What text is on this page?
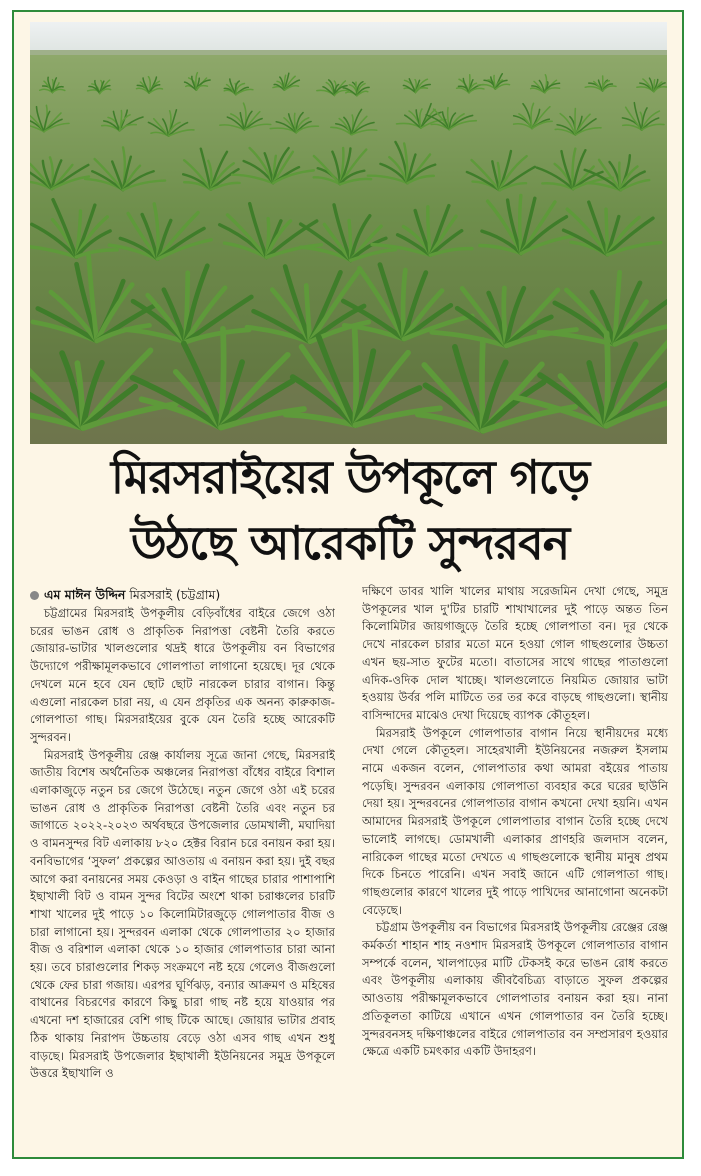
মিরসরাইয়ের উপকূলে গড়ে
উঠছে আরেকটি সুন্দরবন
এম মাঈন উদ্দিন মিরসরাই (চট্টগ্রাম)

চট্টগ্রামের মিরসরাই উপকূলীয় বেড়িবাঁধের বাইরে জেগে ওঠা চরের ভাঙন রোধ ও প্রাকৃতিক নিরাপত্তা বেষ্টনী তৈরি করতে জোয়ার-ভাটার খালগুলোর থদ্রই ধারে উপকূলীয় বন বিভাগের উদ্যোগে পরীক্ষামূলকভাবে গোলপাতা লাগানো হয়েছে। দূর থেকে দেখলে মনে হবে যেন ছোট ছোট নারকেল চারার বাগান। কিন্তু এগুলো নারকেল চারা নয়, এ যেন প্রকৃতির এক অনন্য কারুকাজ- গোলপাতা গাছ। মিরসরাইয়ের বুকে যেন তৈরি হচ্ছে আরেকটি সুন্দরবন।

মিরসরাই উপকূলীয় রেঞ্জ কার্যালয় সূত্রে জানা গেছে, মিরসরাই জাতীয় বিশেষ অর্থনৈতিক অঞ্চলের নিরাপত্তা বাঁধের বাইরে বিশাল এলাকাজুড়ে নতুন চর জেগে উঠেছে। নতুন জেগে ওঠা এই চরের ভাঙন রোধ ও প্রাকৃতিক নিরাপত্তা বেষ্টনী তৈরি এবং নতুন চর জাগাতে ২০২২-২০২৩ অর্থবছরে উপজেলার ডোমখালী, মঘাদিয়া ও বামনসুন্দর বিট এলাকায় ৮২০ হেক্টর বিরান চরে বনায়ন করা হয়। বনবিভাগের ‘সুফল’ প্রকল্পের আওতায় এ বনায়ন করা হয়। দুই বছর আগে করা বনায়নের সময় কেওড়া ও বাইন গাছের চারার পাশাপাশি ইছাখালী বিট ও বামন সুন্দর বিটের অংশে থাকা চরাঞ্চলের চারটি শাখা খালের দুই পাড়ে ১০ কিলোমিটারজুড়ে গোলপাতার বীজ ও চারা লাগানো হয়। সুন্দরবন এলাকা থেকে গোলপাতার ২০ হাজার বীজ ও বরিশাল এলাকা থেকে ১০ হাজার গোলপাতার চারা আনা হয়। তবে চারাগুলোর শিকড় সংক্রমণে নষ্ট হয়ে গেলেও বীজগুলো থেকে ফের চারা গজায়। এরপর ঘূর্ণিঝড়, বন্যার আক্রমণ ও মহিষের বাথানের বিচরণের কারণে কিছু চারা গাছ নষ্ট হয়ে যাওয়ার পর এখনো দশ হাজারের বেশি গাছ টিকে আছে। জোয়ার ভাটার প্রবাহ ঠিক থাকায় নিরাপদ উচ্চতায় বেড়ে ওঠা এসব গাছ এখন শুধু বাড়ছে। মিরসরাই উপজেলার ইছাখালী ইউনিয়নের সমুদ্র উপকূলে উত্তরে ইছাখালি ও

দক্ষিণে ডাবর খালি খালের মাথায় সরেজমিন দেখা গেছে, সমুদ্র উপকূলের খাল দু'টির চারটি শাখাখালের দুই পাড়ে অন্তত তিন কিলোমিটার জায়গাজুড়ে তৈরি হচ্ছে গোলপাতা বন। দূর থেকে দেখে নারকেল চারার মতো মনে হওয়া গোল গাছগুলোর উচ্চতা এখন ছয়-সাত ফুটের মতো। বাতাসের সাথে গাছের পাতাগুলো এদিক-ওদিক দোল খাচ্ছে। খালগুলোতে নিয়মিত জোয়ার ভাটা হওয়ায় উর্বর পলি মাটিতে তর তর করে বাড়ছে গাছগুলো। স্থানীয় বাসিন্দাদের মাঝেও দেখা দিয়েছে ব্যাপক কৌতূহল।

মিরসরাই উপকূলে গোলপাতার বাগান নিয়ে স্থানীয়দের মধ্যে দেখা গেলে কৌতূহল। সাহেরখালী ইউনিয়নের নজরুল ইসলাম নামে একজন বলেন, গোলপাতার কথা আমরা বইয়ের পাতায় পড়েছি। সুন্দরবন এলাকায় গোলপাতা ব্যবহার করে ঘরের ছাউনি দেয়া হয়। সুন্দরবনের গোলপাতার বাগান কখনো দেখা হয়নি। এখন আমাদের মিরসরাই উপকূলে গোলপাতার বাগান তৈরি হচ্ছে দেখে ভালোই লাগছে। ডোমখালী এলাকার প্রাণহরি জলদাস বলেন, নারিকেল গাছের মতো দেখতে এ গাছগুলোকে স্থানীয় মানুষ প্রথম দিকে চিনতে পারেনি। এখন সবাই জানে এটি গোলপাতা গাছ। গাছগুলোর কারণে খালের দুই পাড়ে পাখিদের আনাগোনা অনেকটা বেড়েছে।

চট্টগ্রাম উপকূলীয় বন বিভাগের মিরসরাই উপকূলীয় রেঞ্জের রেঞ্জ কর্মকর্তা শাহান শাহ নওশাদ মিরসরাই উপকূলে গোলপাতার বাগান সম্পর্কে বলেন, খালপাড়ের মাটি টেকসই করে ভাঙন রোধ করতে এবং উপকূলীয় এলাকায় জীববৈচিত্র্য বাড়াতে সুফল প্রকল্পের আওতায় পরীক্ষামূলকভাবে গোলপাতার বনায়ন করা হয়। নানা প্রতিকূলতা কাটিয়ে এখানে এখন গোলপাতার বন তৈরি হচ্ছে। সুন্দরবনসহ দক্ষিণাঞ্চলের বাইরে গোলপাতার বন সম্প্রসারণ হওয়ার ক্ষেত্রে একটি চমৎকার একটি উদাহরণ।
